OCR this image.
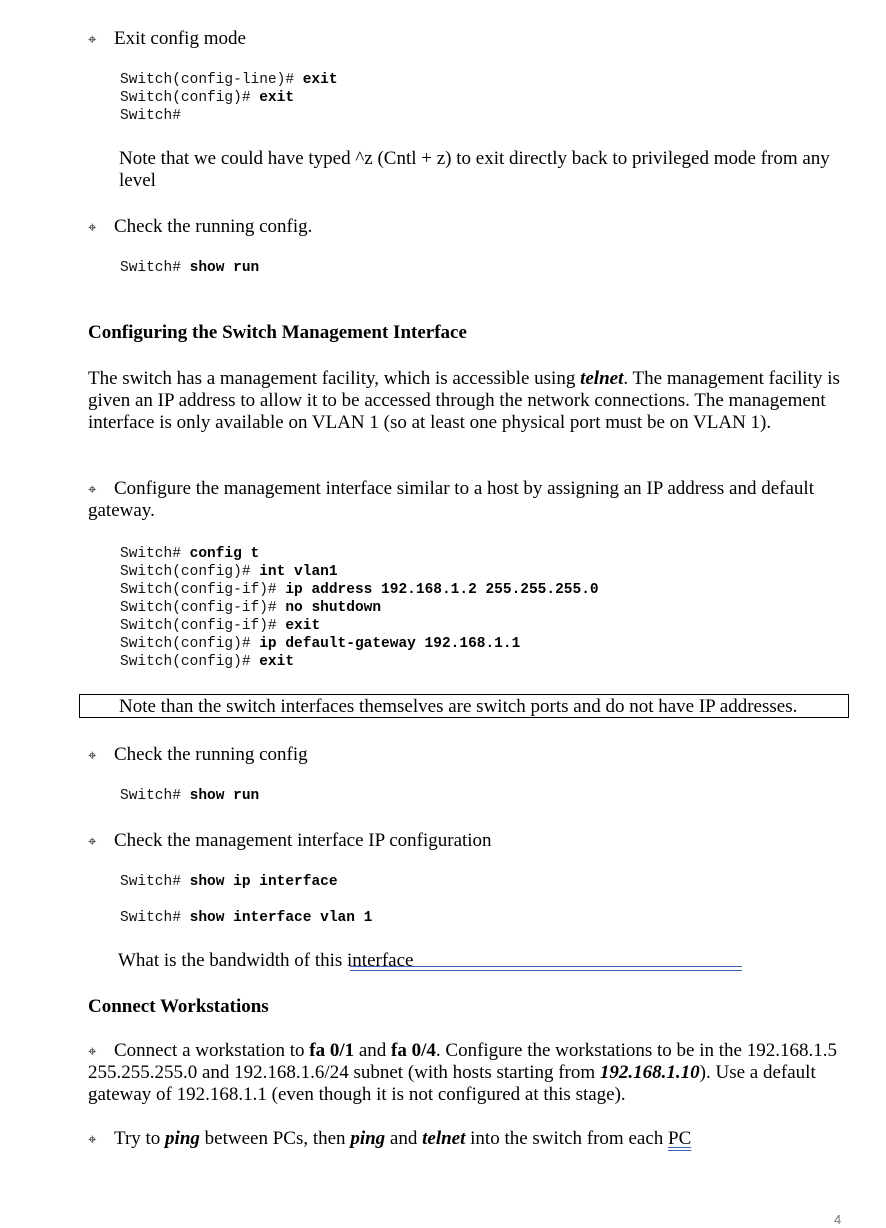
⌖ Exit config mode
Switch(config-line)# exit
Switch(config)# exit
Switch#
Note that we could have typed ^z (Cntl + z) to exit directly back to privileged mode from any level
⌖ Check the running config.
Switch# show run
Configuring the Switch Management Interface
The switch has a management facility, which is accessible using telnet. The management facility is given an IP address to allow it to be accessed through the network connections. The management interface is only available on VLAN 1 (so at least one physical port must be on VLAN 1).
⌖ Configure the management interface similar to a host by assigning an IP address and default gateway.
Switch# config t
Switch(config)# int vlan1
Switch(config-if)# ip address 192.168.1.2 255.255.255.0
Switch(config-if)# no shutdown
Switch(config-if)# exit
Switch(config)# ip default-gateway 192.168.1.1
Switch(config)# exit
Note than the switch interfaces themselves are switch ports and do not have IP addresses.
⌖ Check the running config
Switch# show run
⌖ Check the management interface IP configuration
Switch# show ip interface
Switch# show interface vlan 1
What is the bandwidth of this interface
Connect Workstations
⌖ Connect a workstation to fa 0/1 and fa 0/4. Configure the workstations to be in the 192.168.1.5 255.255.255.0 and 192.168.1.6/24 subnet (with hosts starting from 192.168.1.10). Use a default gateway of 192.168.1.1 (even though it is not configured at this stage).
⌖ Try to ping between PCs, then ping and telnet into the switch from each PC
4
